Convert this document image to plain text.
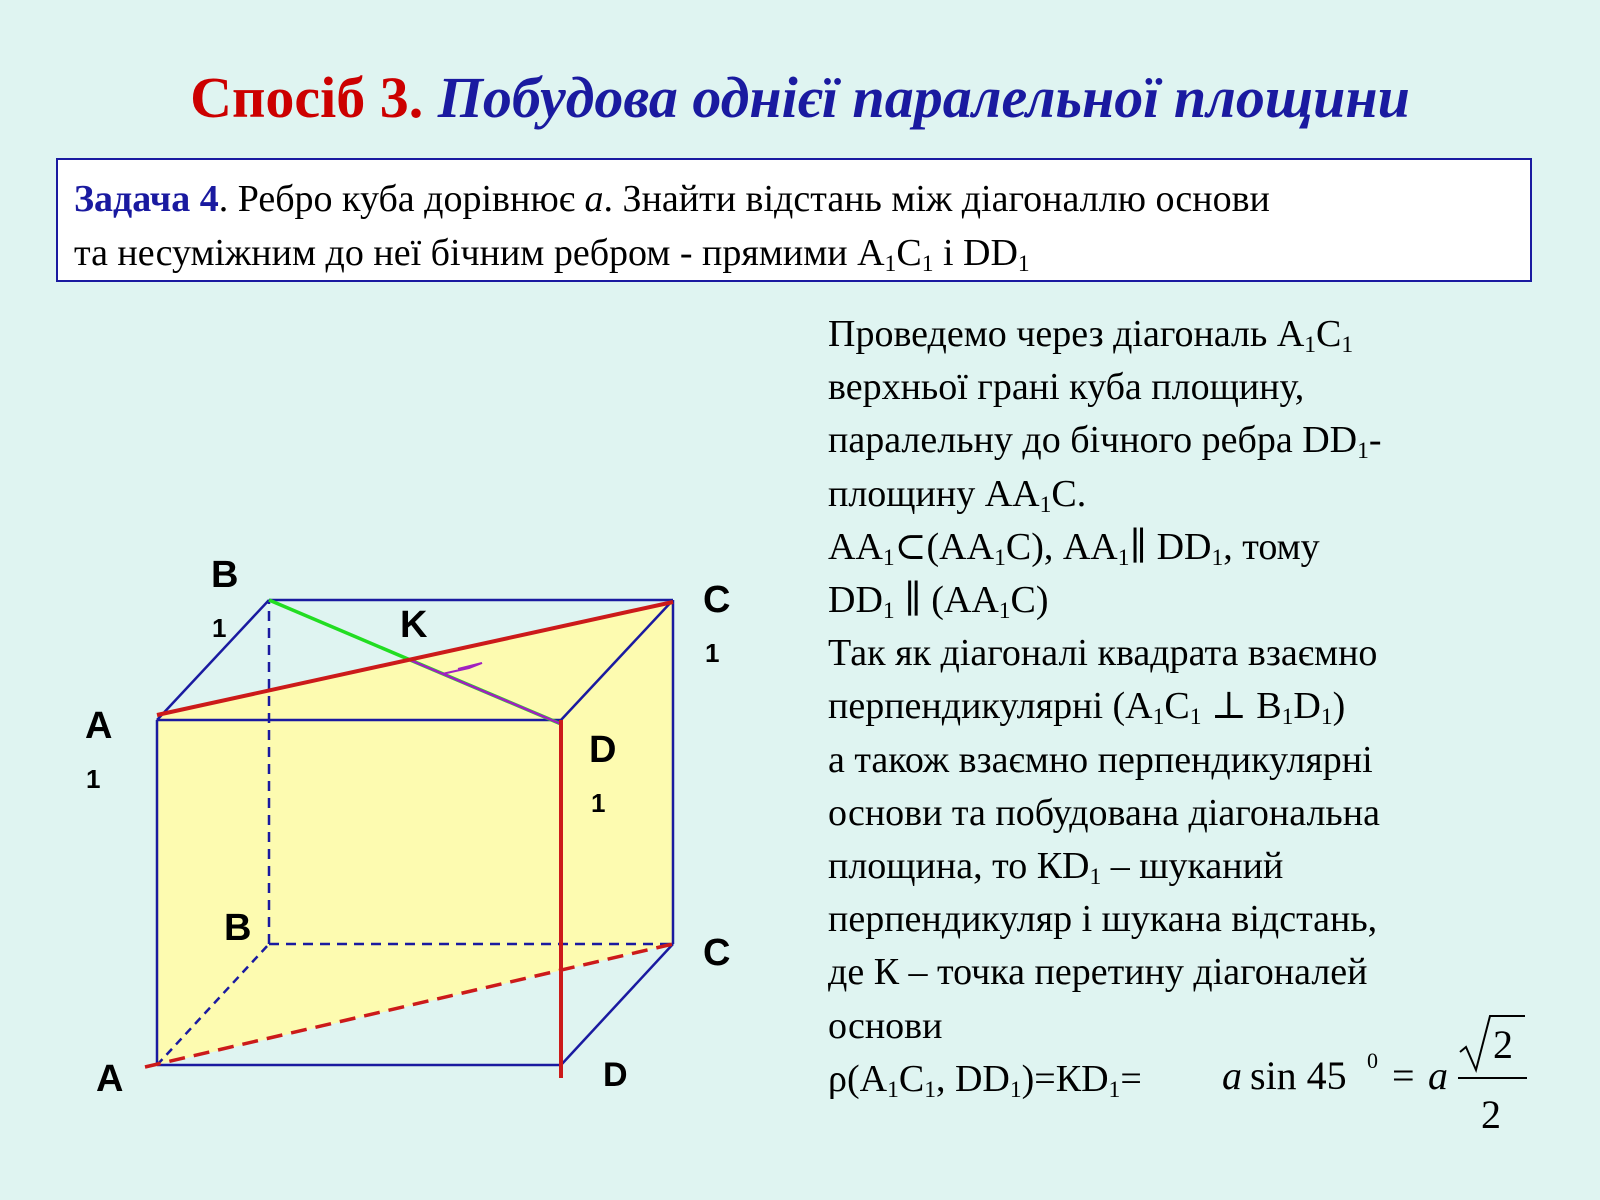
Спосіб 3. Побудова однієї паралельної площини
Задача 4. Ребро куба дорівнює a. Знайти відстань між діагоналлю основи
та несуміжним до неї бічним ребром - прямими $А_1С_1$ і $DD_1$
Проведемо через діагональ $А_1С_1$
верхньої грані куба площину,
паралельну до бічного ребра $DD_1-$
площину $АА_1С$.
$АА_1\subset(АА_1С)$, $АА_1\parallel$ $DD_1$, тому
$DD_1$ ∥ $(АА_1С)$
Так як діагоналі квадрата взаємно
перпендикулярні ($А_1С_1$ ⊥ $В_1D_1$)
а також взаємно перпендикулярні
основи та побудована діагональна
площина, то $КD_1$ – шуканий
перпендикуляр і шукана відстань,
де К – точка перетину діагоналей
основи
$\rho(А_1С_1$, $DD_1)=КD_1=$
B
1
C
1
A
1
D
1
K
B
C
A	D	a sin 45 0 = a
2
2
